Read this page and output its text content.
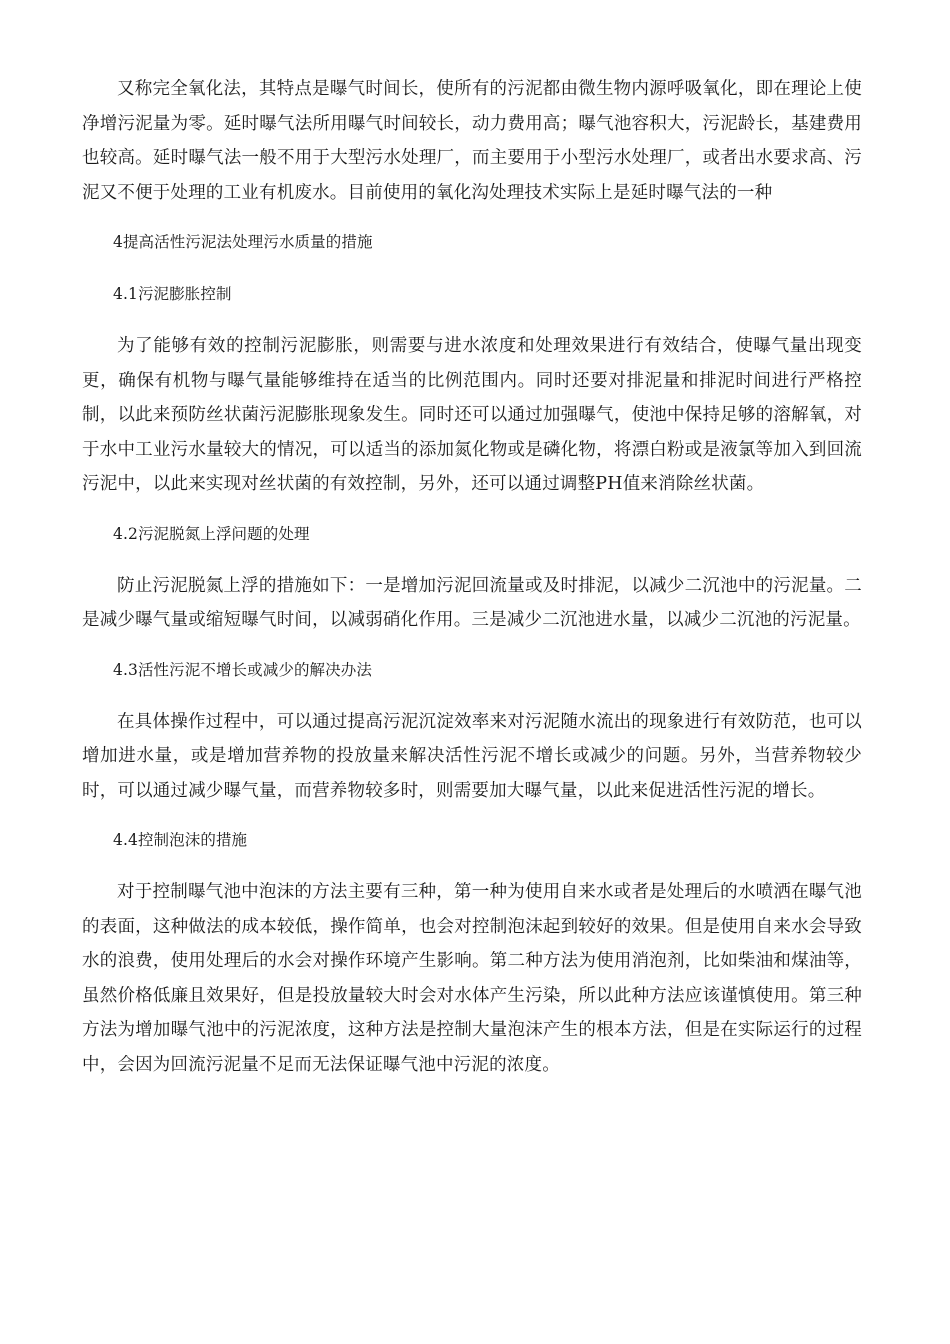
又称完全氧化法，其特点是曝气时间长，使所有的污泥都由微生物内源呼吸氧化，即在理论上使净增污泥量为零。延时曝气法所用曝气时间较长，动力费用高；曝气池容积大，污泥龄长，基建费用也较高。延时曝气法一般不用于大型污水处理厂，而主要用于小型污水处理厂，或者出水要求高、污泥又不便于处理的工业有机废水。目前使用的氧化沟处理技术实际上是延时曝气法的一种

4提高活性污泥法处理污水质量的措施

4.1污泥膨胀控制

为了能够有效的控制污泥膨胀，则需要与进水浓度和处理效果进行有效结合，使曝气量出现变更，确保有机物与曝气量能够维持在适当的比例范围内。同时还要对排泥量和排泥时间进行严格控制，以此来预防丝状菌污泥膨胀现象发生。同时还可以通过加强曝气，使池中保持足够的溶解氧，对于水中工业污水量较大的情况，可以适当的添加氮化物或是磷化物，将漂白粉或是液氯等加入到回流污泥中，以此来实现对丝状菌的有效控制，另外，还可以通过调整PH值来消除丝状菌。

4.2污泥脱氮上浮问题的处理

防止污泥脱氮上浮的措施如下：一是增加污泥回流量或及时排泥，以减少二沉池中的污泥量。二是减少曝气量或缩短曝气时间，以减弱硝化作用。三是减少二沉池进水量，以减少二沉池的污泥量。

4.3活性污泥不增长或减少的解决办法

在具体操作过程中，可以通过提高污泥沉淀效率来对污泥随水流出的现象进行有效防范，也可以增加进水量，或是增加营养物的投放量来解决活性污泥不增长或减少的问题。另外，当营养物较少时，可以通过减少曝气量，而营养物较多时，则需要加大曝气量，以此来促进活性污泥的增长。

4.4控制泡沫的措施

对于控制曝气池中泡沫的方法主要有三种，第一种为使用自来水或者是处理后的水喷洒在曝气池的表面，这种做法的成本较低，操作简单，也会对控制泡沫起到较好的效果。但是使用自来水会导致水的浪费，使用处理后的水会对操作环境产生影响。第二种方法为使用消泡剂，比如柴油和煤油等，虽然价格低廉且效果好，但是投放量较大时会对水体产生污染，所以此种方法应该谨慎使用。第三种方法为增加曝气池中的污泥浓度，这种方法是控制大量泡沫产生的根本方法，但是在实际运行的过程中，会因为回流污泥量不足而无法保证曝气池中污泥的浓度。
